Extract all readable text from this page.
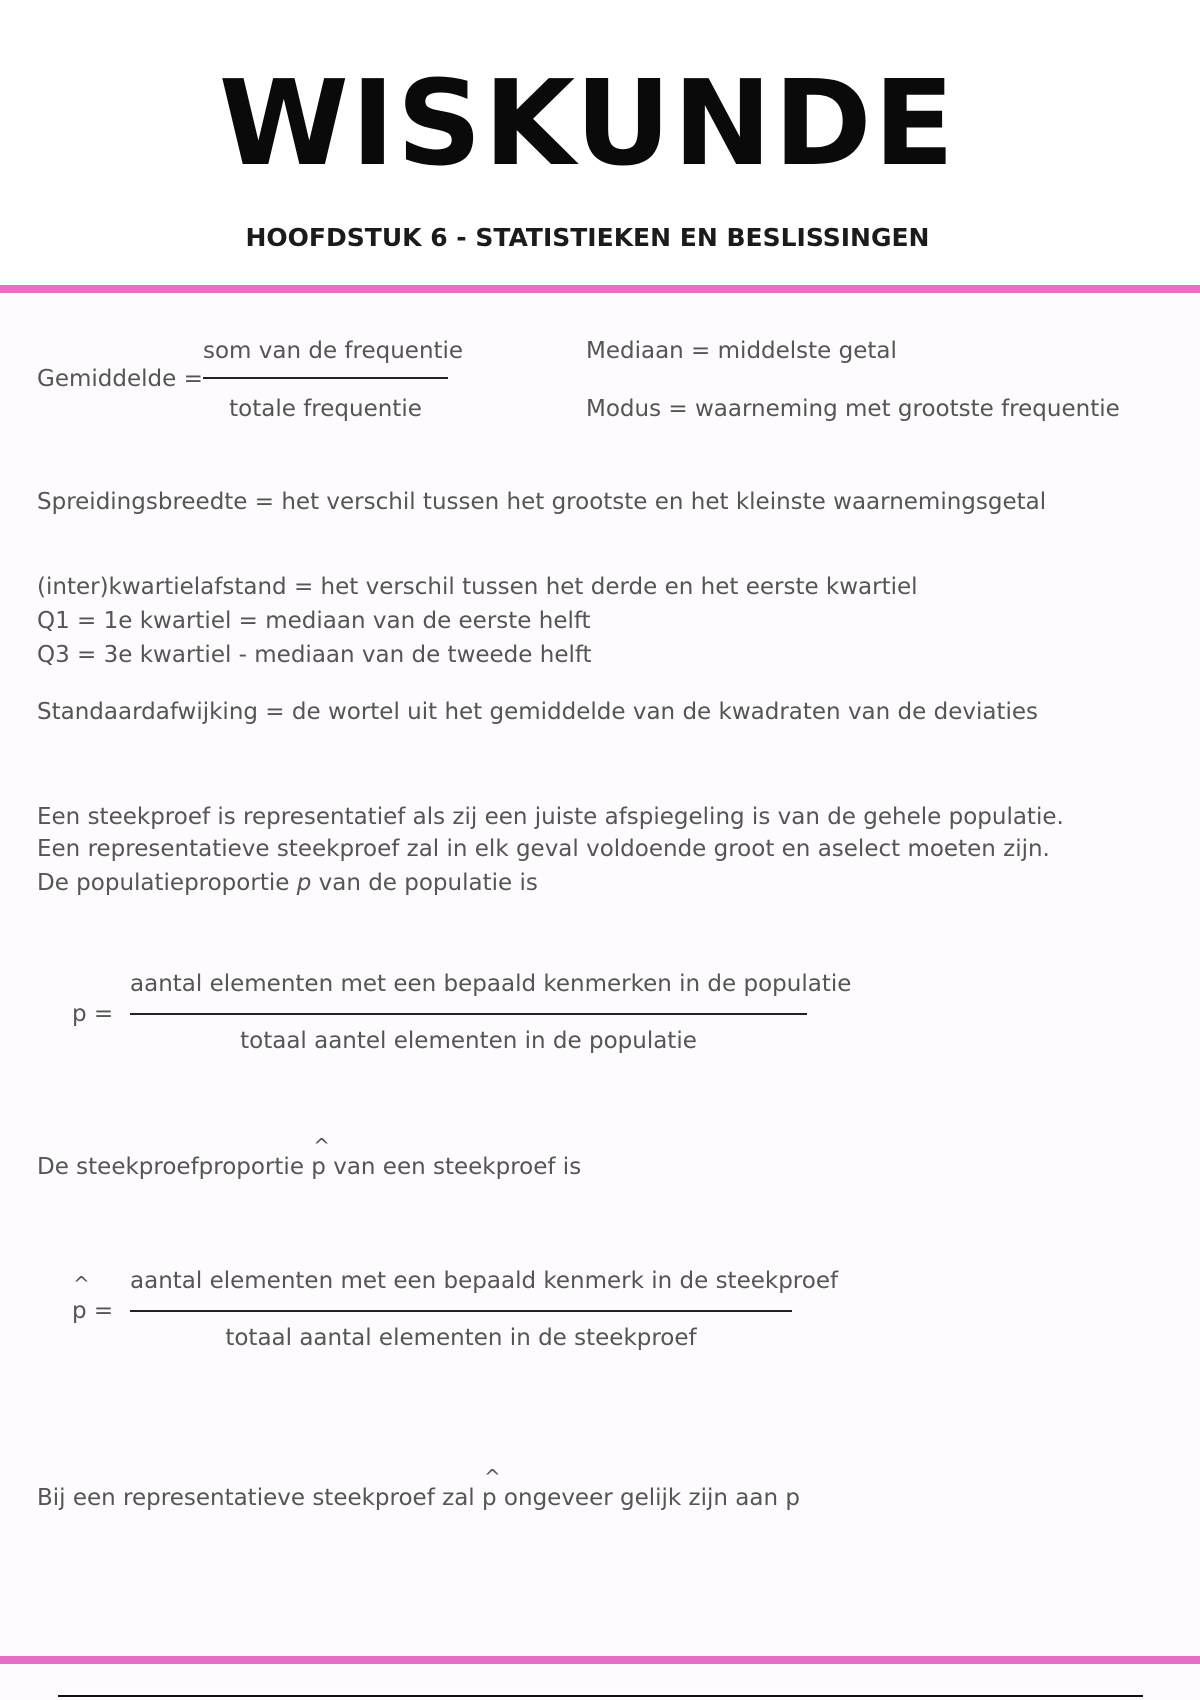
WISKUNDE
HOOFDSTUK 6 - STATISTIEKEN EN BESLISSINGEN

Gemiddelde =

som van de frequentie

totale frequentie

Mediaan = middelste getal

Modus = waarneming met grootste frequentie

Spreidingsbreedte = het verschil tussen het grootste en het kleinste waarnemingsgetal

(inter)kwartielafstand = het verschil tussen het derde en het eerste kwartiel

Q1 = 1e kwartiel = mediaan van de eerste helft

Q3 = 3e kwartiel - mediaan van de tweede helft

Standaardafwijking = de wortel uit het gemiddelde van de kwadraten van de deviaties

Een steekproef is representatief als zij een juiste afspiegeling is van de gehele populatie.

Een representatieve steekproef zal in elk geval voldoende groot en aselect moeten zijn.

De populatieproportie p van de populatie is

p =

aantal elementen met een bepaald kenmerken in de populatie

totaal aantel elementen in de populatie

De steekproefproportie
^
p van een steekproef is

^

p =

aantal elementen met een bepaald kenmerk in de steekproef

totaal aantal elementen in de steekproef

Bij een representatieve steekproef zal
^
p ongeveer gelijk zijn aan p
